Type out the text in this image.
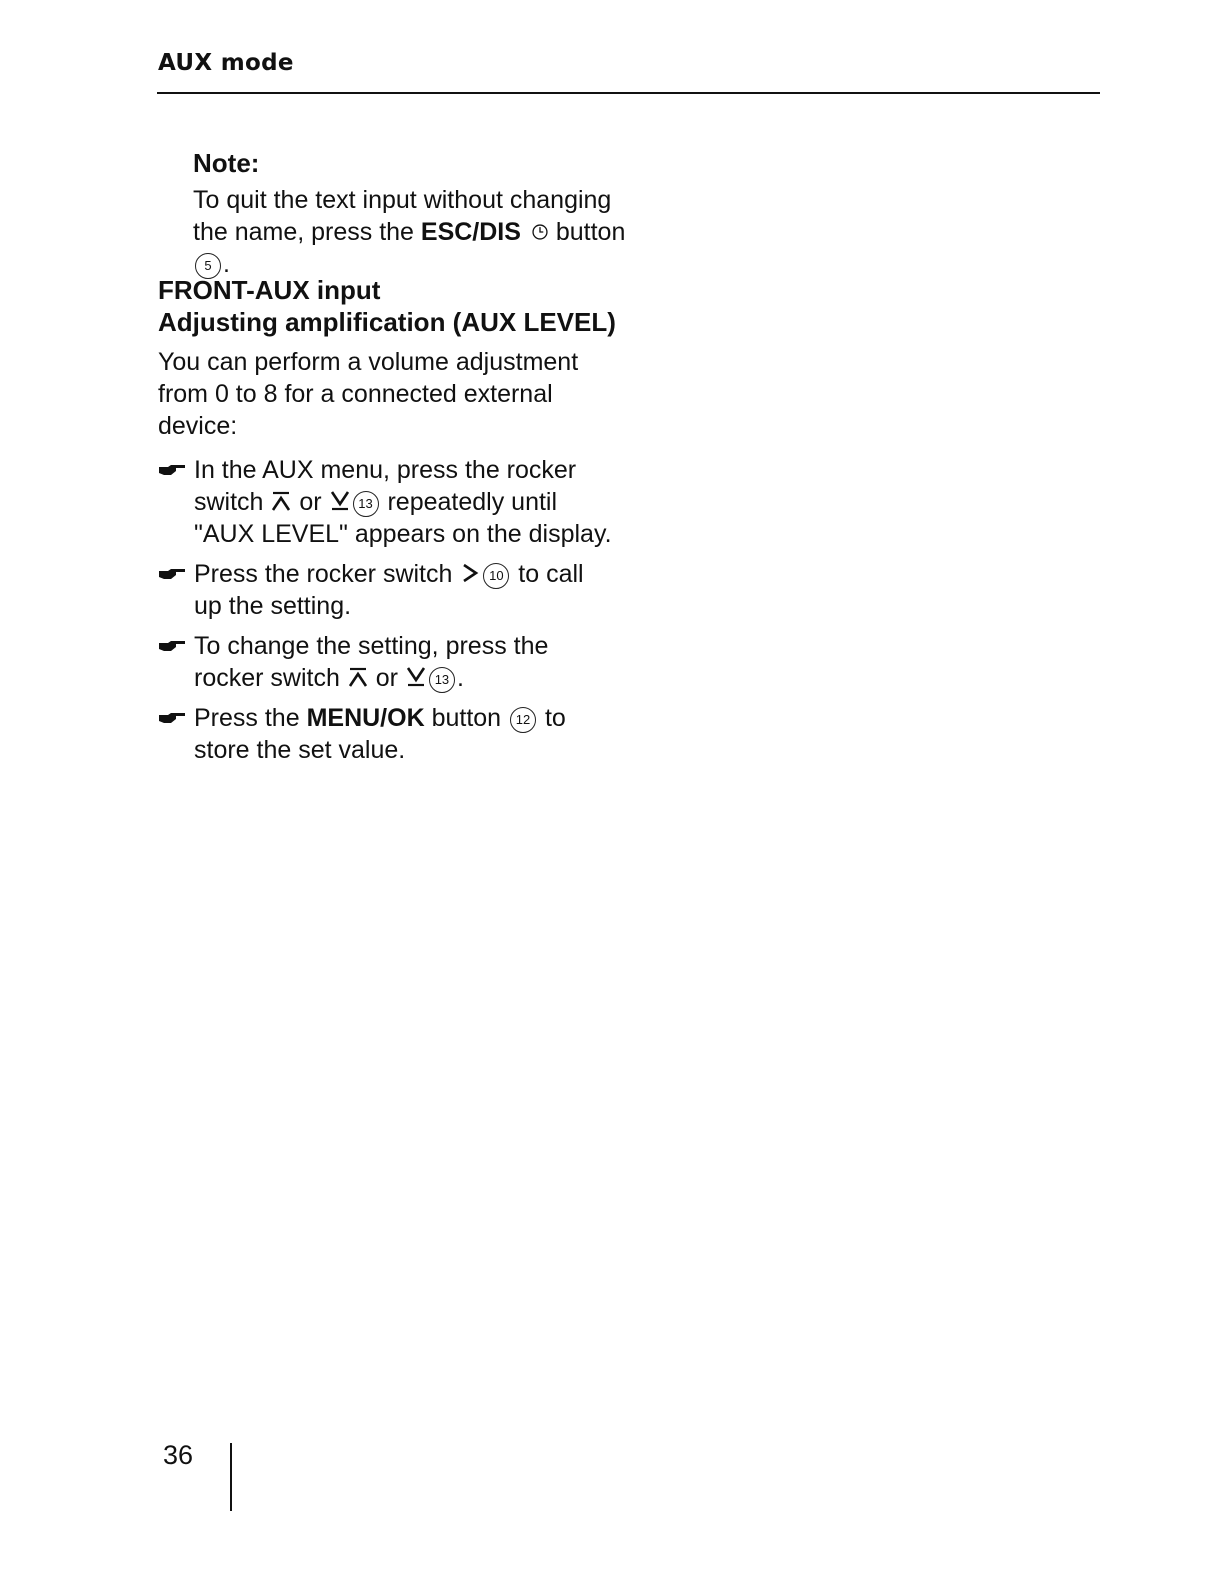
AUX mode
Note:
To quit the text input without changing the name, press the ESC/DIS  button 5 .
FRONT-AUX input
Adjusting amplification (AUX LEVEL)
You can perform a volume adjustment from 0 to 8 for a connected external device:
In the AUX menu, press the rocker switch  or 13 repeatedly until "AUX LEVEL" appears on the display.
Press the rocker switch 10 to call up the setting.
To change the setting, press the rocker switch  or 13 .
Press the MENU/OK button 12 to store the set value.
36
